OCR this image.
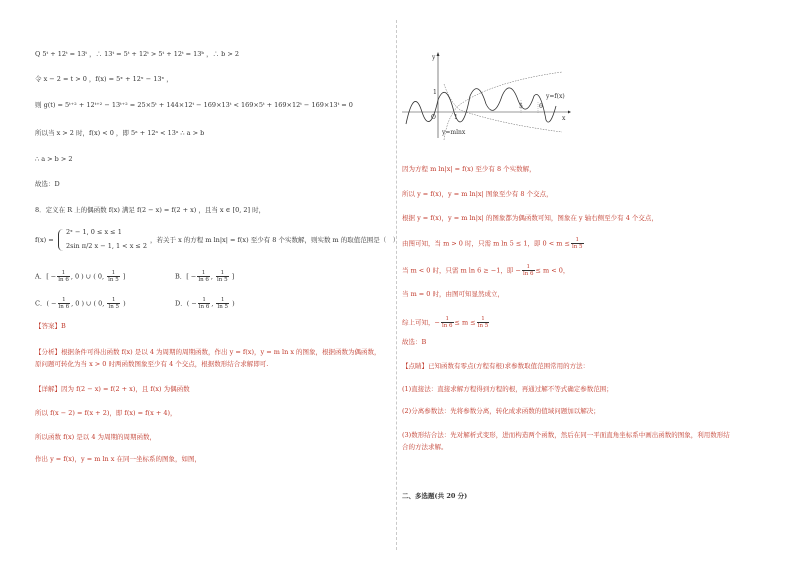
Q 5ᵗ + 12ᵗ = 13ᵗ ，∴ 13ᵗ = 5ᵗ + 12ᵗ > 5ᵗ + 12ᵗ = 13ᵇ ，∴ b > 2
令 x − 2 = t > 0 ，f(x) = 5ˣ + 12ˣ − 13ˣ ，
则 g(t) = 5ᵗ⁺² + 12ᵗ⁺² − 13ᵗ⁺² = 25×5ᵗ + 144×12ᵗ − 169×13ᵗ < 169×5ᵗ + 169×12ᵗ − 169×13ᵗ = 0
所以当 x > 2 时，f(x) < 0 ，即 5ᵃ + 12ᵃ < 13ᵃ ∴ a > b
∴ a > b > 2
故选：D
8．定义在 R 上的偶函数 f(x) 满足 f(2 − x) = f(2 + x) ，且当 x ∈ [0, 2] 时，
f(x) =
2ˣ − 1, 0 ≤ x ≤ 1
2sin π/2 x − 1, 1 < x ≤ 2
，若关于 x 的方程 m ln|x| = f(x) 至少有 8 个实数解，则实数 m 的取值范围是（　）
A．[ − $\frac{1}{\ln 6}$ , 0 ) ∪ ( 0, $\frac{1}{\ln 5}$ ]	B．[ − $\frac{1}{\ln 6}$ , $\frac{1}{\ln 5}$ ]
C．( − $\frac{1}{\ln 6}$ , 0 ) ∪ ( 0, $\frac{1}{\ln 5}$ )	D．( − $\frac{1}{\ln 6}$ , $\frac{1}{\ln 5}$ )
【答案】B
【分析】根据条件可得出函数 f(x) 是以 4 为周期的周期函数，作出 y = f(x)，y = m ln x 的图象，根据函数为偶函数，
原问题可转化为当 x > 0 时两函数图象至少有 4 个交点，根据数形结合求解即可.
【详解】因为 f(2 − x) = f(2 + x)，且 f(x) 为偶函数
所以 f(x − 2) = f(x + 2)，即 f(x) = f(x + 4)，
所以函数 f(x) 是以 4 为周期的周期函数，
作出 y = f(x)，y = m ln x 在同一坐标系的图象，如图，
y
x
O
1
1
5	6
y=f(x)
y=mlnx
因为方程 m ln|x| = f(x) 至少有 8 个实数解，
所以 y = f(x)，y = m ln|x| 图象至少有 8 个交点，
根据 y = f(x)，y = m ln|x| 的图象都为偶函数可知，图象在 y 轴右侧至少有 4 个交点，
由图可知，当 m > 0 时，只需 m ln 5 ≤ 1，即 $0 < m \le \frac{1}{\ln 5}$
当 m < 0 时，只需 m ln 6 ≥ −1，即 − $\frac{1}{\ln 6} \le m < 0$，
当 m = 0 时，由图可知显然成立，
综上可知，− $\frac{1}{\ln 6} \le m \le \frac{1}{\ln 5}$
故选：B
【点睛】已知函数有零点(方程有根)求参数取值范围常用的方法：
(1)直接法：直接求解方程得到方程的根，再通过解不等式确定参数范围；
(2)分离参数法：先将参数分离，转化成求函数的值域问题加以解决；
(3)数形结合法：先对解析式变形，进而构造两个函数，然后在同一平面直角坐标系中画出函数的图象，利用数形结
合的方法求解。
二、多选题(共 20 分)
